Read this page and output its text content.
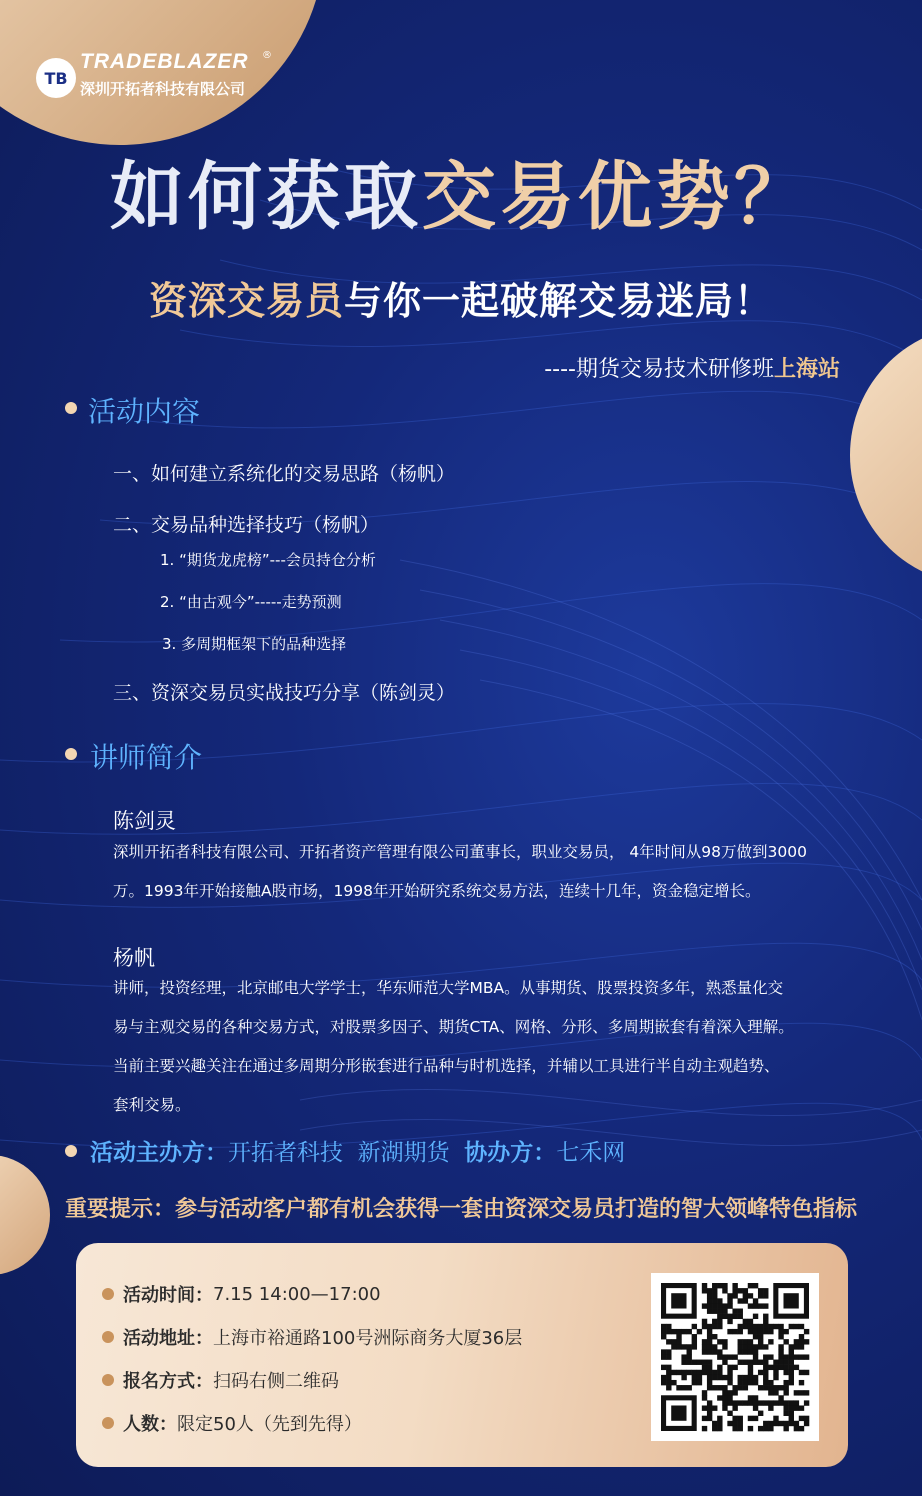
TB
TRADEBLAZER ®
深圳开拓者科技有限公司
如何获取交易优势？
资深交易员与你一起破解交易迷局！
----期货交易技术研修班上海站
活动内容
一、如何建立系统化的交易思路（杨帆）
二、交易品种选择技巧（杨帆）
1. “期货龙虎榜”---会员持仓分析
2. “由古观今”-----走势预测
3. 多周期框架下的品种选择
三、资深交易员实战技巧分享（陈剑灵）
讲师简介
陈剑灵
深圳开拓者科技有限公司、开拓者资产管理有限公司董事长，职业交易员， 4年时间从98万做到3000
万。1993年开始接触A股市场，1998年开始研究系统交易方法，连续十几年，资金稳定增长。
杨帆
讲师，投资经理，北京邮电大学学士，华东师范大学MBA。从事期货、股票投资多年，熟悉量化交
易与主观交易的各种交易方式，对股票多因子、期货CTA、网格、分形、多周期嵌套有着深入理解。
当前主要兴趣关注在通过多周期分形嵌套进行品种与时机选择，并辅以工具进行半自动主观趋势、
套利交易。
活动主办方：开拓者科技  新湖期货 协办方：七禾网
重要提示：参与活动客户都有机会获得一套由资深交易员打造的智大领峰特色指标
活动时间： 7.15 14:00—17:00
活动地址： 上海市裕通路100号洲际商务大厦36层
报名方式： 扫码右侧二维码
人数： 限定50人（先到先得）
